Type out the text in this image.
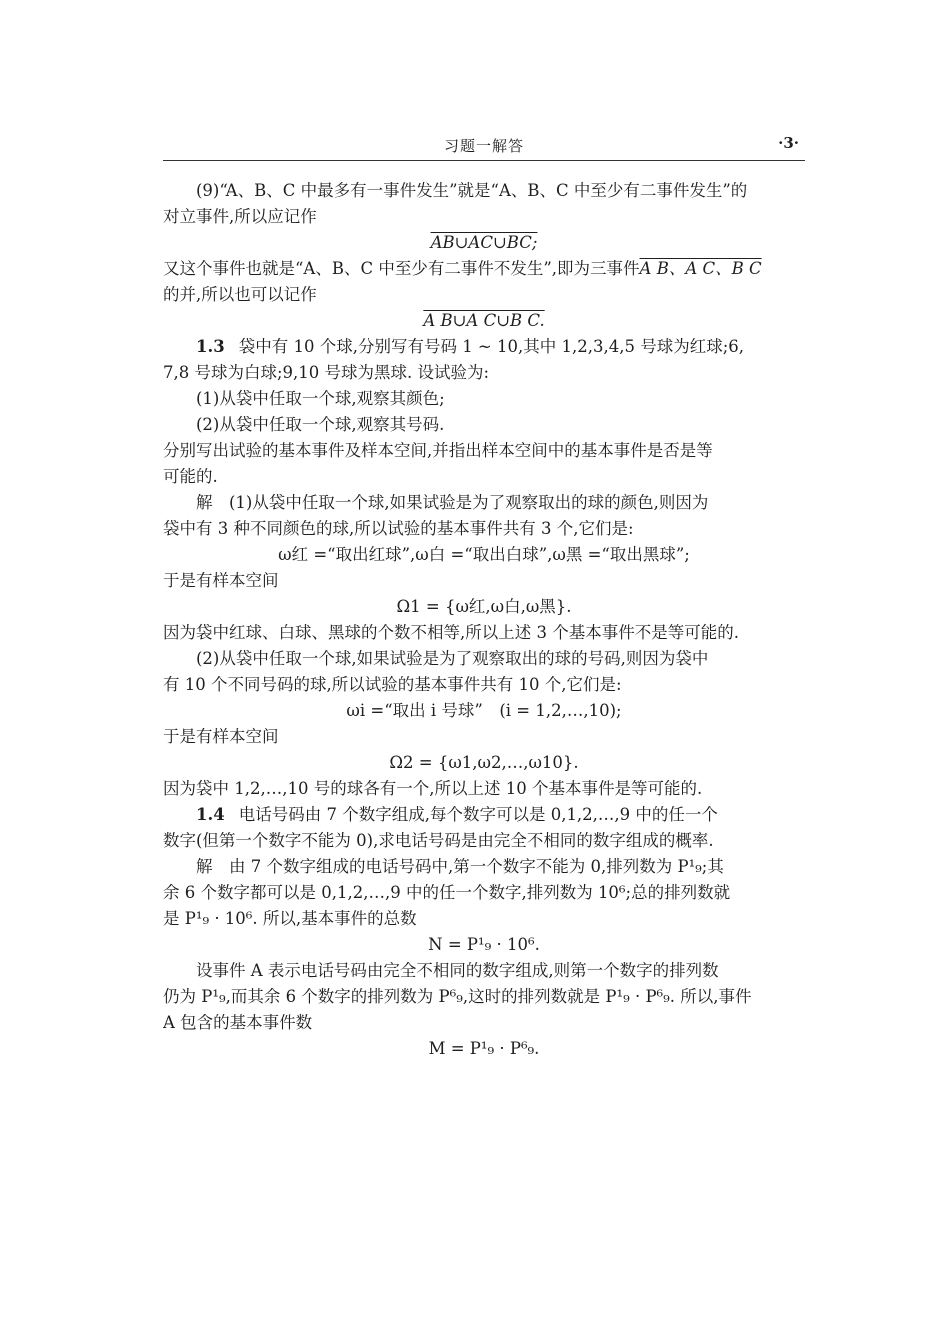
习题一解答	·3·
(9)“A、B、C 中最多有一事件发生”就是“A、B、C 中至少有二事件发生”的
对立事件,所以应记作
AB∪AC∪BC;
又这个事件也就是“A、B、C 中至少有二事件不发生”,即为三事件A B、A C、B C
的并,所以也可以记作
A B∪A C∪B C.
1.3 袋中有 10 个球,分别写有号码 1 ~ 10,其中 1,2,3,4,5 号球为红球;6,
7,8 号球为白球;9,10 号球为黑球. 设试验为:
(1)从袋中任取一个球,观察其颜色;
(2)从袋中任取一个球,观察其号码.
分别写出试验的基本事件及样本空间,并指出样本空间中的基本事件是否是等
可能的.
解　(1)从袋中任取一个球,如果试验是为了观察取出的球的颜色,则因为
袋中有 3 种不同颜色的球,所以试验的基本事件共有 3 个,它们是:
ω红 =“取出红球”,ω白 =“取出白球”,ω黑 =“取出黑球”;
于是有样本空间
Ω1 = {ω红,ω白,ω黑}.
因为袋中红球、白球、黑球的个数不相等,所以上述 3 个基本事件不是等可能的.
(2)从袋中任取一个球,如果试验是为了观察取出的球的号码,则因为袋中
有 10 个不同号码的球,所以试验的基本事件共有 10 个,它们是:
ωi =“取出 i 号球”　(i = 1,2,…,10);
于是有样本空间
Ω2 = {ω1,ω2,…,ω10}.
因为袋中 1,2,…,10 号的球各有一个,所以上述 10 个基本事件是等可能的.
1.4 电话号码由 7 个数字组成,每个数字可以是 0,1,2,…,9 中的任一个
数字(但第一个数字不能为 0),求电话号码是由完全不相同的数字组成的概率.
解　由 7 个数字组成的电话号码中,第一个数字不能为 0,排列数为 P¹₉;其
余 6 个数字都可以是 0,1,2,…,9 中的任一个数字,排列数为 10⁶;总的排列数就
是 P¹₉ · 10⁶. 所以,基本事件的总数
N = P¹₉ · 10⁶.
设事件 A 表示电话号码由完全不相同的数字组成,则第一个数字的排列数
仍为 P¹₉,而其余 6 个数字的排列数为 P⁶₉,这时的排列数就是 P¹₉ · P⁶₉. 所以,事件
A 包含的基本事件数
M = P¹₉ · P⁶₉.
